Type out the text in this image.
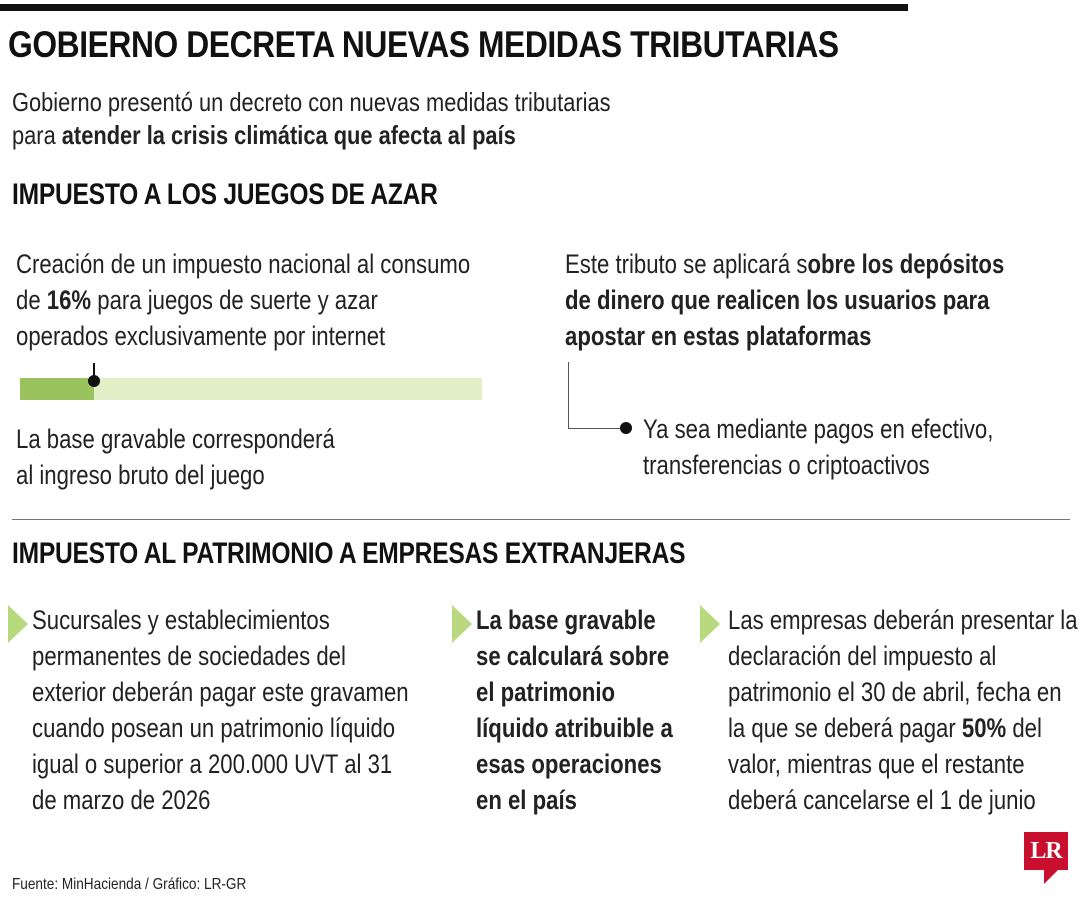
GOBIERNO DECRETA NUEVAS MEDIDAS TRIBUTARIAS
Gobierno presentó un decreto con nuevas medidas tributarias
para atender la crisis climática que afecta al país
IMPUESTO A LOS JUEGOS DE AZAR
Creación de un impuesto nacional al consumo
de 16% para juegos de suerte y azar
operados exclusivamente por internet
La base gravable corresponderá
al ingreso bruto del juego
Este tributo se aplicará sobre los depósitos
de dinero que realicen los usuarios para
apostar en estas plataformas
Ya sea mediante pagos en efectivo,
transferencias o criptoactivos
IMPUESTO AL PATRIMONIO A EMPRESAS EXTRANJERAS
Sucursales y establecimientos
permanentes de sociedades del
exterior deberán pagar este gravamen
cuando posean un patrimonio líquido
igual o superior a 200.000 UVT al 31
de marzo de 2026
La base gravable
se calculará sobre
el patrimonio
líquido atribuible a
esas operaciones
en el país
Las empresas deberán presentar la
declaración del impuesto al
patrimonio el 30 de abril, fecha en
la que se deberá pagar 50% del
valor, mientras que el restante
deberá cancelarse el 1 de junio
Fuente: MinHacienda / Gráfico: LR-GR
LR
